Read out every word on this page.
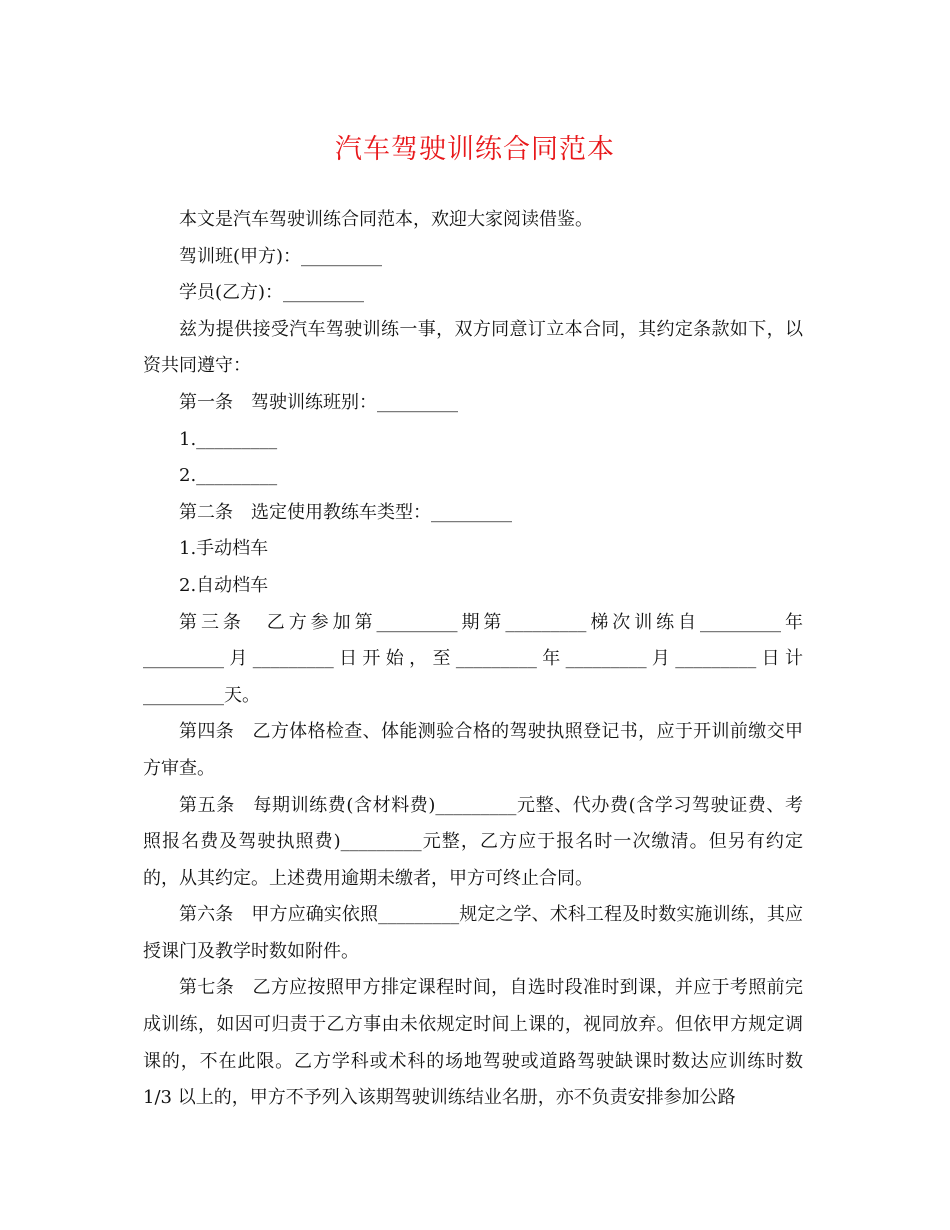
汽车驾驶训练合同范本

本文是汽车驾驶训练合同范本，欢迎大家阅读借鉴。

驾训班(甲方)：_________

学员(乙方)：_________

兹为提供接受汽车驾驶训练一事，双方同意订立本合同，其约定条款如下，以资共同遵守：

第一条　驾驶训练班别：_________

1._________

2._________

第二条　选定使用教练车类型：_________

1.手动档车

2.自动档车

第三条　乙方参加第_________期第_________梯次训练自_________年_________月_________日开始，至_________年_________月_________日计_________天。

第四条　乙方体格检查、体能测验合格的驾驶执照登记书，应于开训前缴交甲方审查。

第五条　每期训练费(含材料费)_________元整、代办费(含学习驾驶证费、考照报名费及驾驶执照费)_________元整，乙方应于报名时一次缴清。但另有约定的，从其约定。上述费用逾期未缴者，甲方可终止合同。

第六条　甲方应确实依照_________规定之学、术科工程及时数实施训练，其应授课门及教学时数如附件。

第七条　乙方应按照甲方排定课程时间，自选时段准时到课，并应于考照前完成训练，如因可归责于乙方事由未依规定时间上课的，视同放弃。但依甲方规定调课的，不在此限。乙方学科或术科的场地驾驶或道路驾驶缺课时数达应训练时数 1/3 以上的，甲方不予列入该期驾驶训练结业名册，亦不负责安排参加公路
